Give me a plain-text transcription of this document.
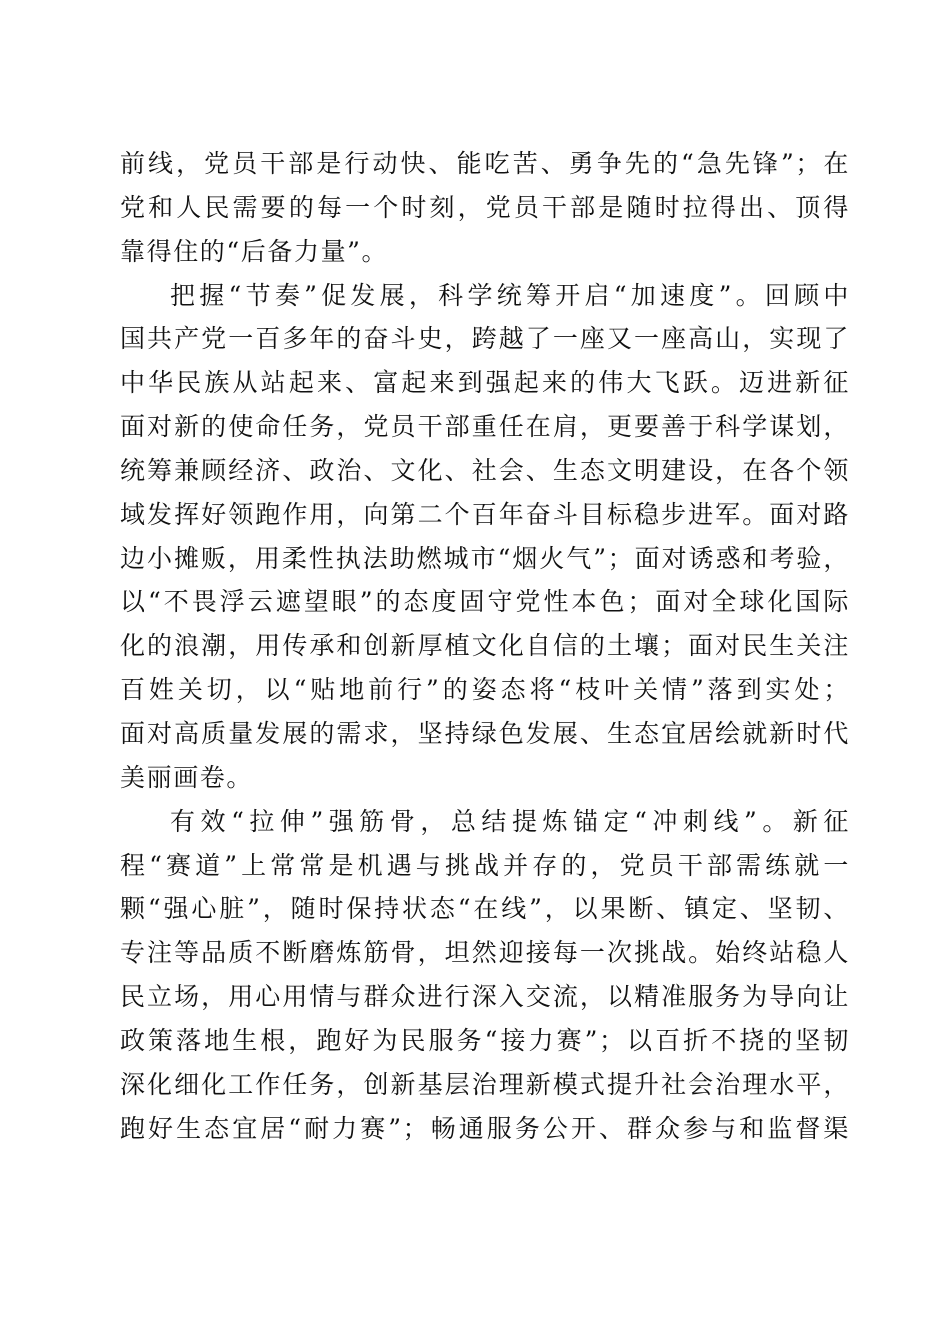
前线，党员干部是行动快、能吃苦、勇争先的“急先锋”；在
党和人民需要的每一个时刻，党员干部是随时拉得出、顶得
靠得住的“后备力量”。
把握“节奏”促发展，科学统筹开启“加速度”。回顾中
国共产党一百多年的奋斗史，跨越了一座又一座高山，实现了
中华民族从站起来、富起来到强起来的伟大飞跃。迈进新征
面对新的使命任务，党员干部重任在肩，更要善于科学谋划，
统筹兼顾经济、政治、文化、社会、生态文明建设，在各个领
域发挥好领跑作用，向第二个百年奋斗目标稳步进军。面对路
边小摊贩，用柔性执法助燃城市“烟火气”；面对诱惑和考验，
以“不畏浮云遮望眼”的态度固守党性本色；面对全球化国际
化的浪潮，用传承和创新厚植文化自信的土壤；面对民生关注
百姓关切，以“贴地前行”的姿态将“枝叶关情”落到实处；
面对高质量发展的需求，坚持绿色发展、生态宜居绘就新时代
美丽画卷。
有效“拉伸”强筋骨，总结提炼锚定“冲刺线”。新征
程“赛道”上常常是机遇与挑战并存的，党员干部需练就一
颗“强心脏”，随时保持状态“在线”，以果断、镇定、坚韧、
专注等品质不断磨炼筋骨，坦然迎接每一次挑战。始终站稳人
民立场，用心用情与群众进行深入交流，以精准服务为导向让
政策落地生根，跑好为民服务“接力赛”；以百折不挠的坚韧
深化细化工作任务，创新基层治理新模式提升社会治理水平，
跑好生态宜居“耐力赛”；畅通服务公开、群众参与和监督渠
